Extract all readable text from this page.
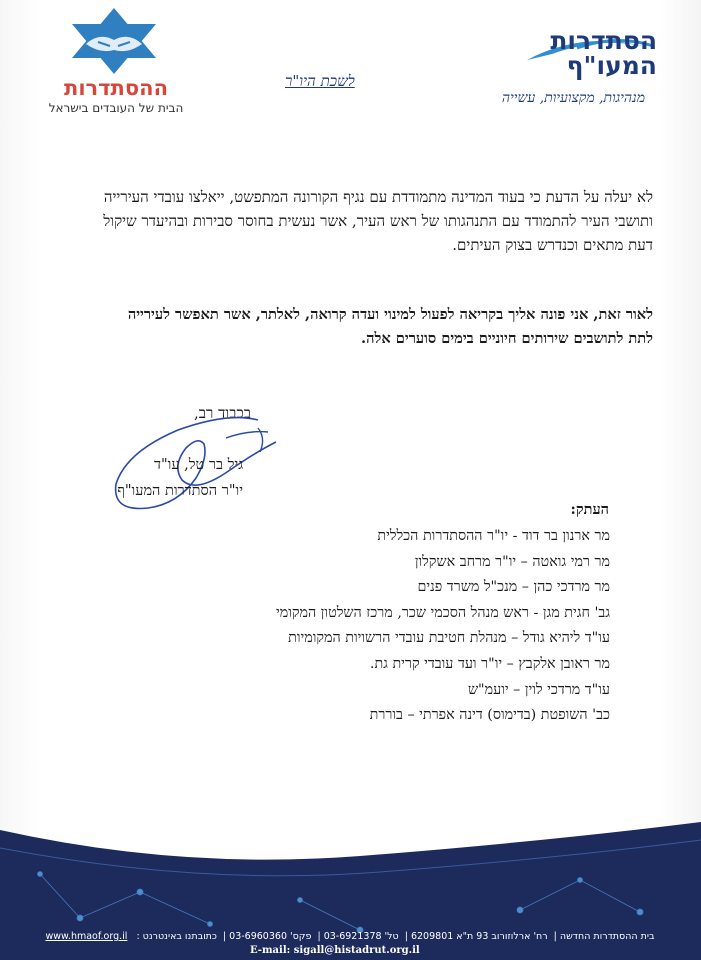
הסתדרות המעו"ף
מנהיגות, מקצועיות, עשייה
ההסתדרות
הבית של העובדים בישראל
לשכת היו"ר

לא יעלה על הדעת כי בעוד המדינה מתמודדת עם נגיף הקורונה המתפשט, ייאלצו עובדי העירייה

ותושבי העיר להתמודד עם התנהגותו של ראש העיר, אשר נעשית בחוסר סבירות ובהיעדר שיקול

דעת מתאים וכנדרש בצוק העיתים.

לאור זאת, אני פונה אליך בקריאה לפעול למינוי ועדה קרואה, לאלתר, אשר תאפשר לעירייה

לתת לתושבים שירותים חיוניים בימים סוערים אלה.

בכבוד רב,
גיל בר טל, עו"ד
יו"ר הסתדרות המעו"ף
העתק:
מר ארנון בר דוד - יו"ר ההסתדרות הכללית
מר רמי גואטה – יו"ר מרחב אשקלון
מר מרדכי כהן – מנכ"ל משרד פנים
גב' חגית מגן - ראש מנהל הסכמי שכר, מרכז השלטון המקומי
עו"ד ליהיא גודל – מנהלת חטיבת עובדי הרשויות המקומיות
מר ראובן אלקבץ – יו"ר ועד עובדי קרית גת.
עו"ד מרדכי לוין – יועמ"ש
כב' השופטת (בדימוס) דינה אפרתי – בוררת
בית ההסתדרות החדשה| רח' ארלוזורוב 93 ת"א 6209801| טל' 03-6921378| פקס' 03-6960360| כתובתנו באינטרנט : www.hmaof.org.il
E-mail: sigall@histadrut.org.il
